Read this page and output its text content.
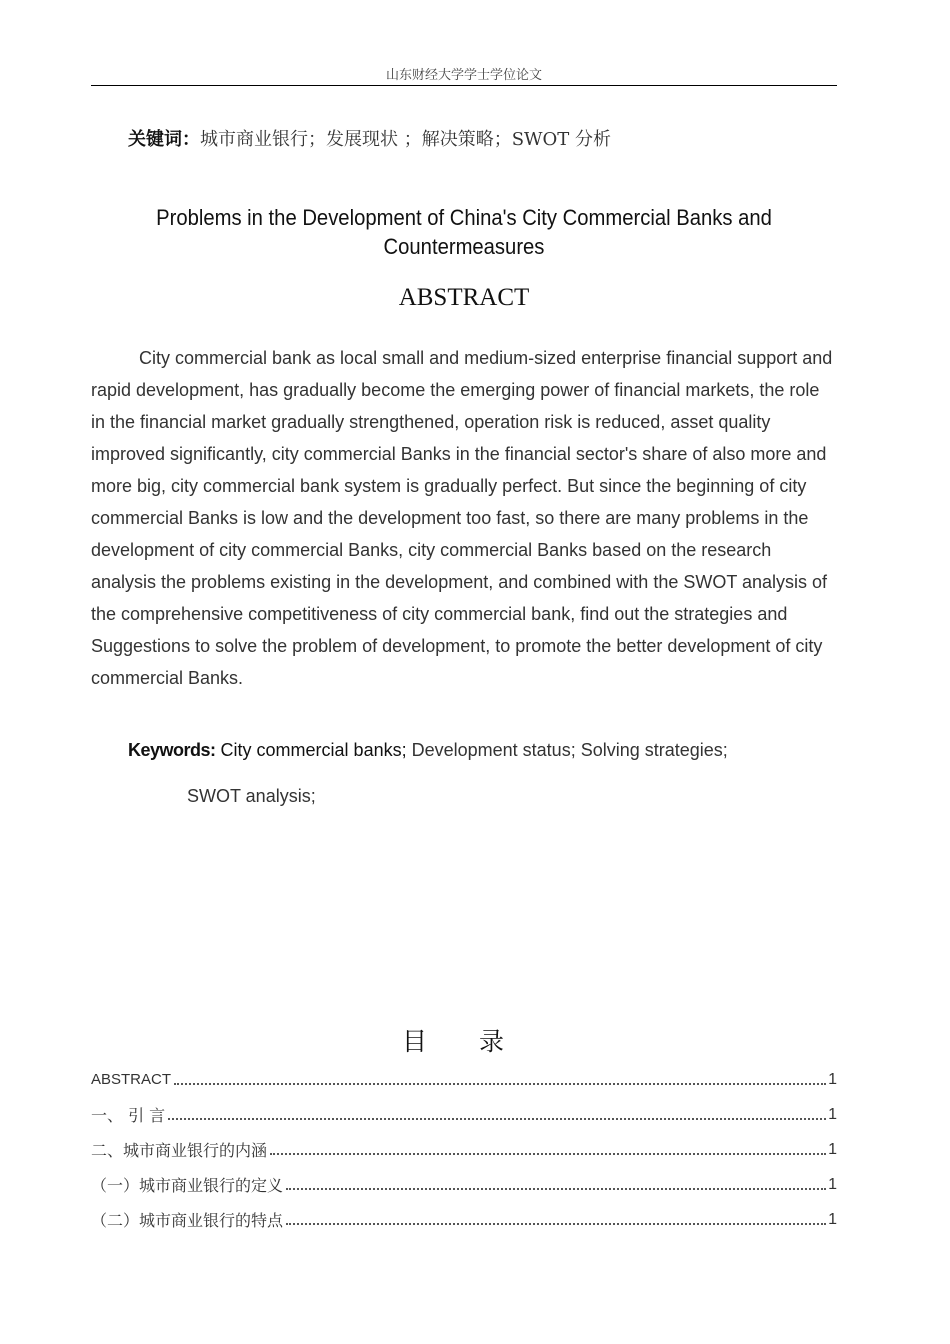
山东财经大学学士学位论文
关键词：城市商业银行；发展现状 ；解决策略；SWOT 分析
Problems in the Development of China's City Commercial Banks and
Countermeasures
ABSTRACT

City commercial bank as local small and medium-sized enterprise financial support and rapid development, has gradually become the emerging power of financial markets, the role in the financial market gradually strengthened, operation risk is reduced, asset quality improved significantly, city commercial Banks in the financial sector's share of also more and more big, city commercial bank system is gradually perfect. But since the beginning of city commercial Banks is low and the development too fast, so there are many problems in the development of city commercial Banks, city commercial Banks based on the research analysis the problems existing in the development, and combined with the SWOT analysis of the comprehensive competitiveness of city commercial bank, find out the strategies and Suggestions to solve the problem of development, to promote the better development of city commercial Banks.

Keywords: City commercial banks; Development status; Solving strategies;
SWOT analysis;
目 录
ABSTRACT	1
一、 引 言	1
二、城市商业银行的内涵	1
（一）城市商业银行的定义	1
（二）城市商业银行的特点	1
